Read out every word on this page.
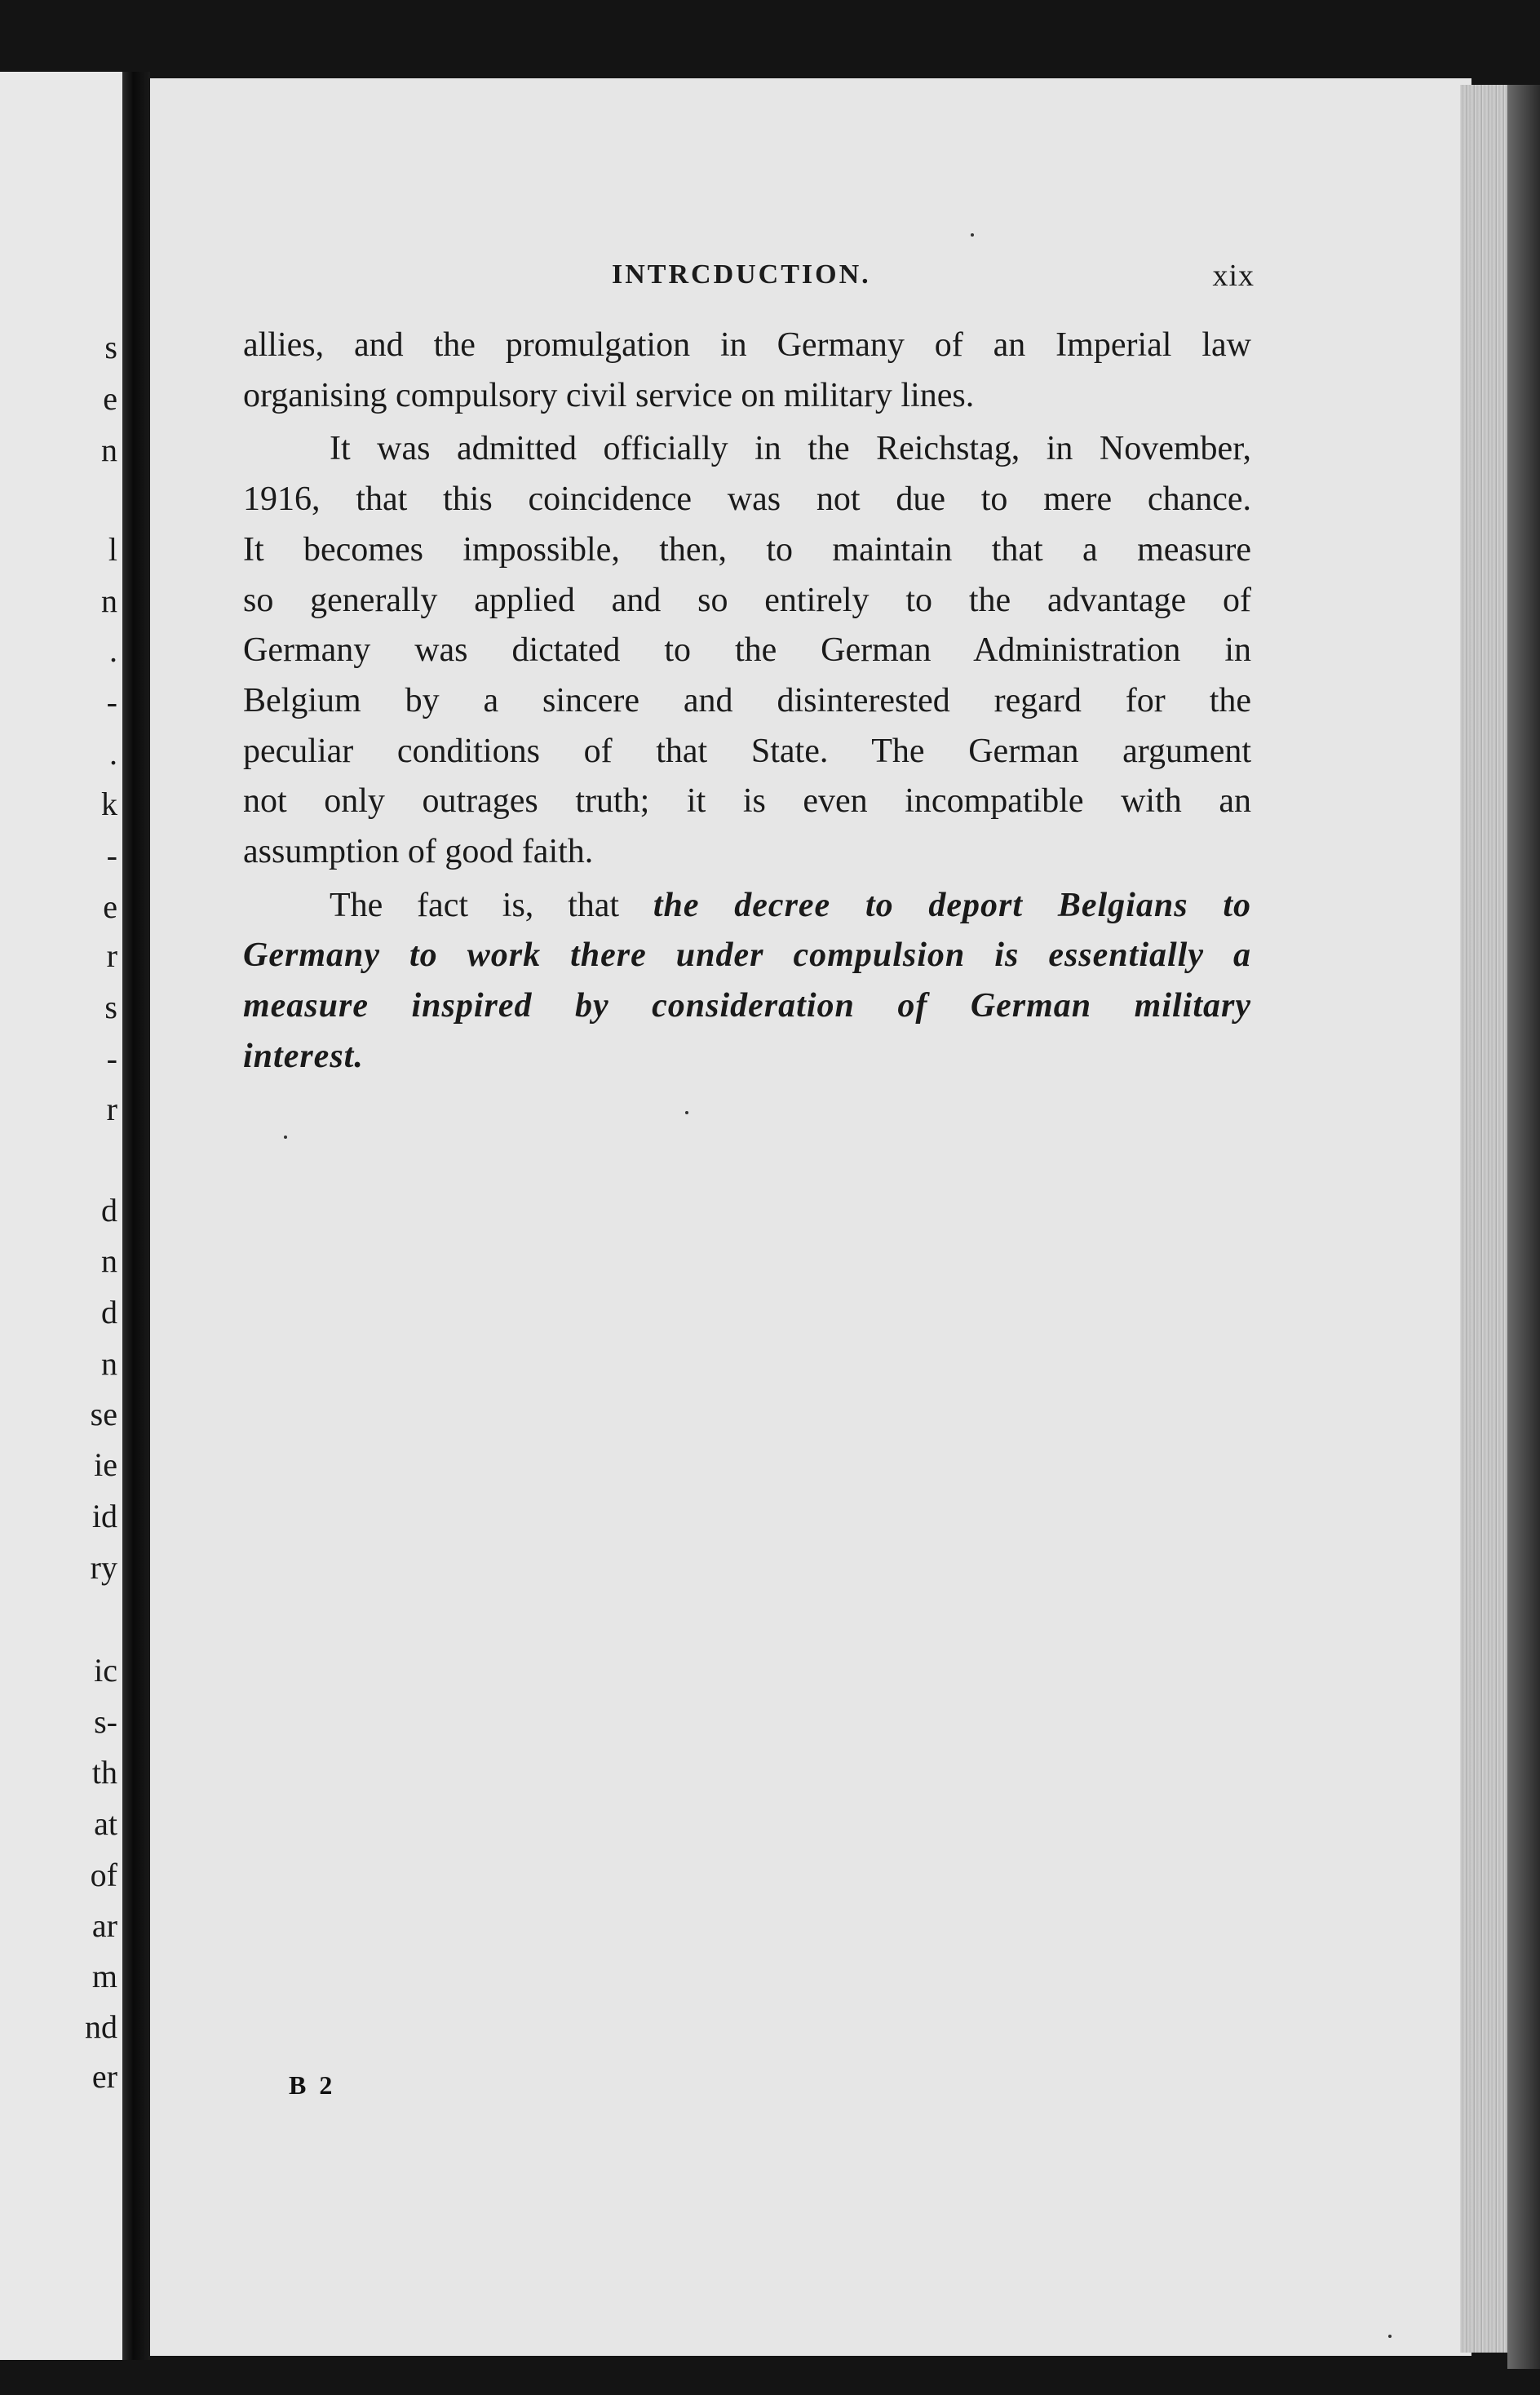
s
e
n
l
n
.
-
.
k
-
e
r
s
-
r
d
n
d
n
se
ie
id
ry
ic
s-
th
at
of
ar
m
nd
er
INTRCDUCTION.	xix
allies, and the promulgation in Germany of an Imperial law
organising compulsory civil service on military lines.
It was admitted officially in the Reichstag, in November,
1916, that this coincidence was not due to mere chance.
It becomes impossible, then, to maintain that a measure
so generally applied and so entirely to the advantage of
Germany was dictated to the German Administration in
Belgium by a sincere and disinterested regard for the
peculiar conditions of that State. The German argument
not only outrages truth; it is even incompatible with an
assumption of good faith.
The fact is, that the decree to deport Belgians to
Germany to work there under compulsion is essentially a
measure inspired by consideration of German military
interest.
B 2
